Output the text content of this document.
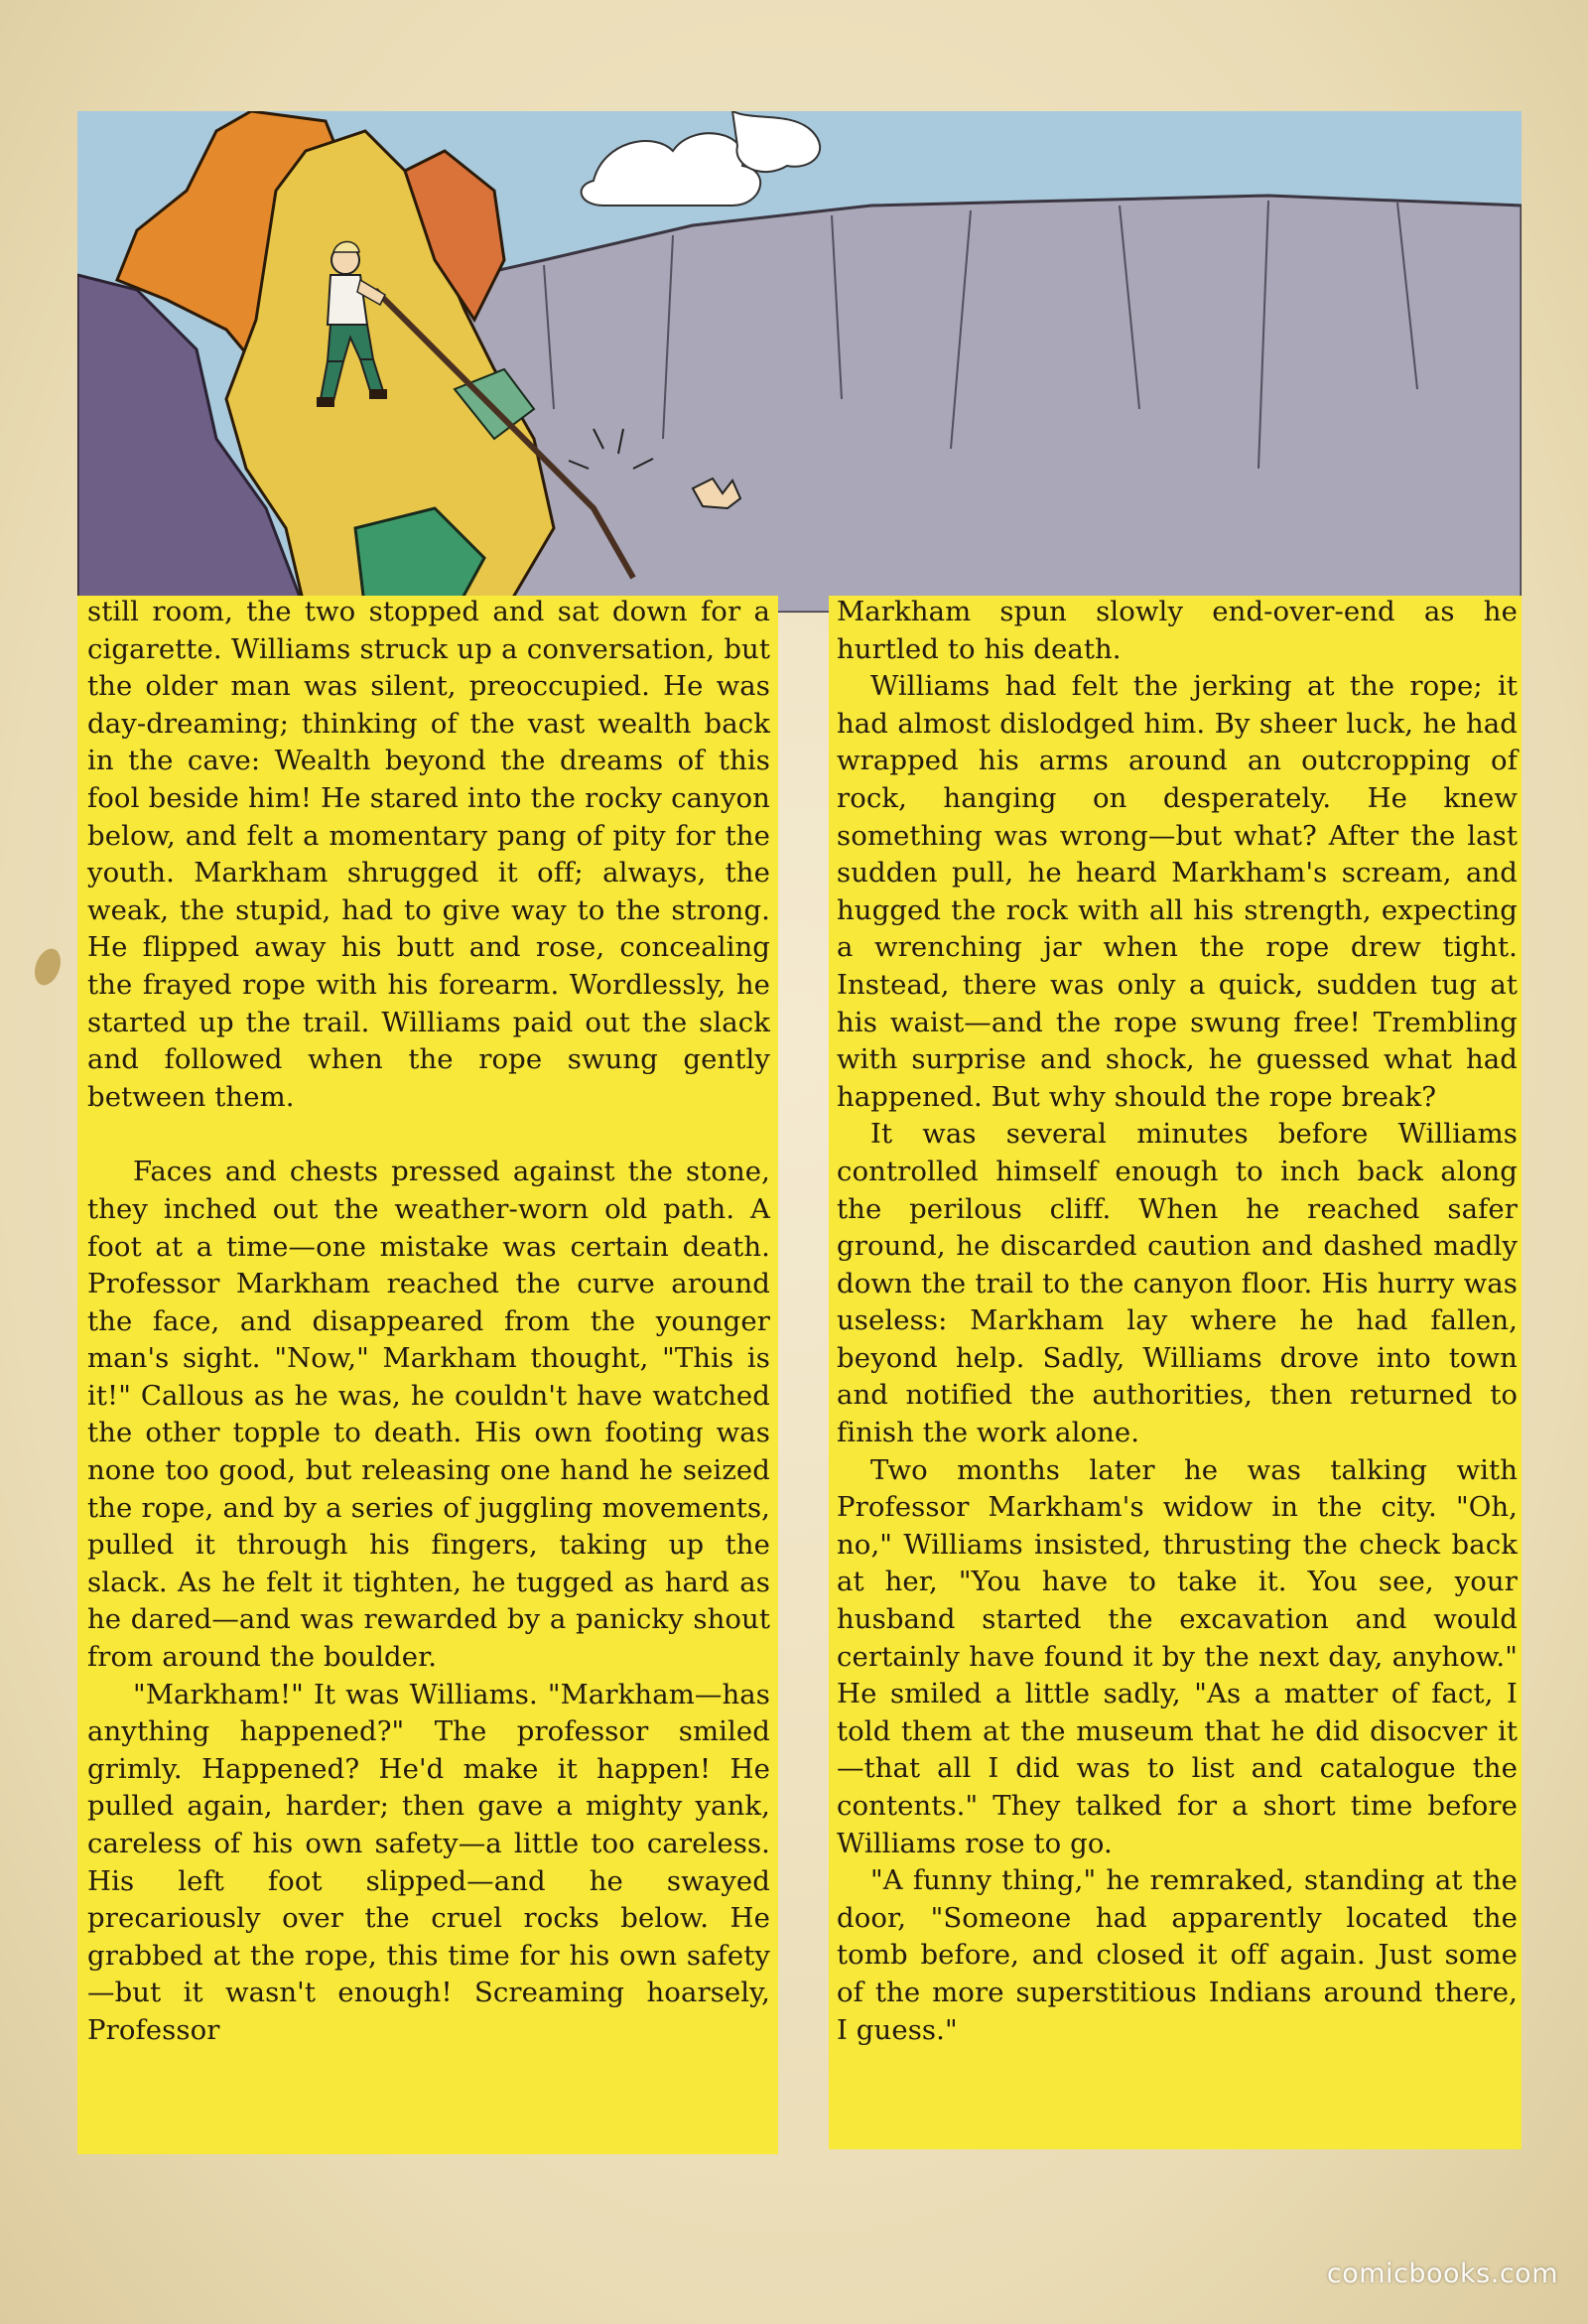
still room, the two stopped and sat down for a cigarette. Williams struck up a conversation, but the older man was silent, preoccupied. He was day-dreaming; thinking of the vast wealth back in the cave: Wealth beyond the dreams of this fool beside him! He stared into the rocky canyon below, and felt a momentary pang of pity for the youth. Markham shrugged it off; always, the weak, the stupid, had to give way to the strong. He flipped away his butt and rose, concealing the frayed rope with his forearm. Wordlessly, he started up the trail. Williams paid out the slack and followed when the rope swung gently between them.

Faces and chests pressed against the stone, they inched out the weather-worn old path. A foot at a time—one mistake was certain death. Professor Markham reached the curve around the face, and disappeared from the younger man's sight. "Now," Markham thought, "This is it!" Callous as he was, he couldn't have watched the other topple to death. His own footing was none too good, but releasing one hand he seized the rope, and by a series of juggling movements, pulled it through his fingers, taking up the slack. As he felt it tighten, he tugged as hard as he dared—and was rewarded by a panicky shout from around the boulder.

"Markham!" It was Williams. "Markham—has anything happened?" The professor smiled grimly. Happened? He'd make it happen! He pulled again, harder; then gave a mighty yank, careless of his own safety—a little too careless. His left foot slipped—and he swayed precariously over the cruel rocks below. He grabbed at the rope, this time for his own safety—but it wasn't enough! Screaming hoarsely, Professor

Markham spun slowly end-over-end as he hurtled to his death.

Williams had felt the jerking at the rope; it had almost dislodged him. By sheer luck, he had wrapped his arms around an outcropping of rock, hanging on desperately. He knew something was wrong—but what? After the last sudden pull, he heard Markham's scream, and hugged the rock with all his strength, expecting a wrenching jar when the rope drew tight. Instead, there was only a quick, sudden tug at his waist—and the rope swung free! Trembling with surprise and shock, he guessed what had happened. But why should the rope break?

It was several minutes before Williams controlled himself enough to inch back along the perilous cliff. When he reached safer ground, he discarded caution and dashed madly down the trail to the canyon floor. His hurry was useless: Markham lay where he had fallen, beyond help. Sadly, Williams drove into town and notified the authorities, then returned to finish the work alone.

Two months later he was talking with Professor Markham's widow in the city. "Oh, no," Williams insisted, thrusting the check back at her, "You have to take it. You see, your husband started the excavation and would certainly have found it by the next day, anyhow." He smiled a little sadly, "As a matter of fact, I told them at the museum that he did disocver it—that all I did was to list and catalogue the contents." They talked for a short time before Williams rose to go.

"A funny thing," he remraked, standing at the door, "Someone had apparently located the tomb before, and closed it off again. Just some of the more superstitious Indians around there, I guess."

comicbooks.com
